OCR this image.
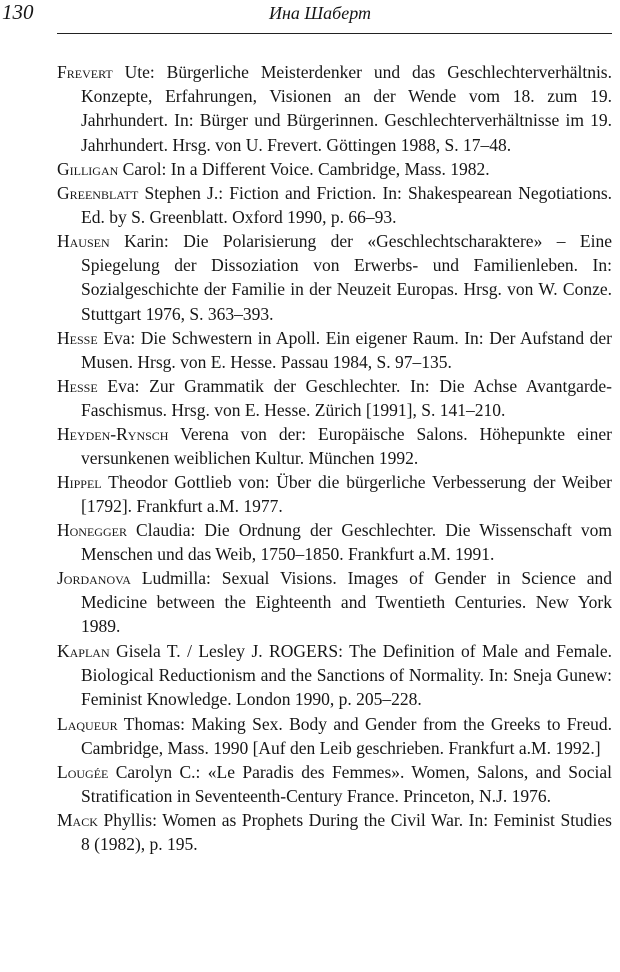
130	Ина Шаберт
Frevert Ute: Bürgerliche Meisterdenker und das Geschlechterverhältnis. Konzepte, Erfahrungen, Visionen an der Wende vom 18. zum 19. Jahrhundert. In: Bürger und Bürgerinnen. Geschlechterverhältnisse im 19. Jahrhundert. Hrsg. von U. Frevert. Göttingen 1988, S. 17–48.
Gilligan Carol: In a Different Voice. Cambridge, Mass. 1982.
Greenblatt Stephen J.: Fiction and Friction. In: Shakespearean Negotiations. Ed. by S. Greenblatt. Oxford 1990, p. 66–93.
Hausen Karin: Die Polarisierung der «Geschlechtscharaktere» – Eine Spiegelung der Dissoziation von Erwerbs- und Familienleben. In: Sozialgeschichte der Familie in der Neuzeit Europas. Hrsg. von W. Conze. Stuttgart 1976, S. 363–393.
Hesse Eva: Die Schwestern in Apoll. Ein eigener Raum. In: Der Aufstand der Musen. Hrsg. von E. Hesse. Passau 1984, S. 97–135.
Hesse Eva: Zur Grammatik der Geschlechter. In: Die Achse Avantgarde-Faschismus. Hrsg. von E. Hesse. Zürich [1991], S. 141–210.
Heyden-Rynsch Verena von der: Europäische Salons. Höhepunkte einer versunkenen weiblichen Kultur. München 1992.
Hippel Theodor Gottlieb von: Über die bürgerliche Verbesserung der Weiber [1792]. Frankfurt a.M. 1977.
Honegger Claudia: Die Ordnung der Geschlechter. Die Wissenschaft vom Menschen und das Weib, 1750–1850. Frankfurt a.M. 1991.
Jordanova Ludmilla: Sexual Visions. Images of Gender in Science and Medicine between the Eighteenth and Twentieth Centuries. New York 1989.
Kaplan Gisela T. / Lesley J. ROGERS: The Definition of Male and Female. Biological Reductionism and the Sanctions of Normality. In: Sneja Gunew: Feminist Knowledge. London 1990, p. 205–228.
Laqueur Thomas: Making Sex. Body and Gender from the Greeks to Freud. Cambridge, Mass. 1990 [Auf den Leib geschrieben. Frankfurt a.M. 1992.]
Lougée Carolyn C.: «Le Paradis des Femmes». Women, Salons, and Social Stratification in Seventeenth-Century France. Princeton, N.J. 1976.
Mack Phyllis: Women as Prophets During the Civil War. In: Feminist Studies 8 (1982), p. 195.
